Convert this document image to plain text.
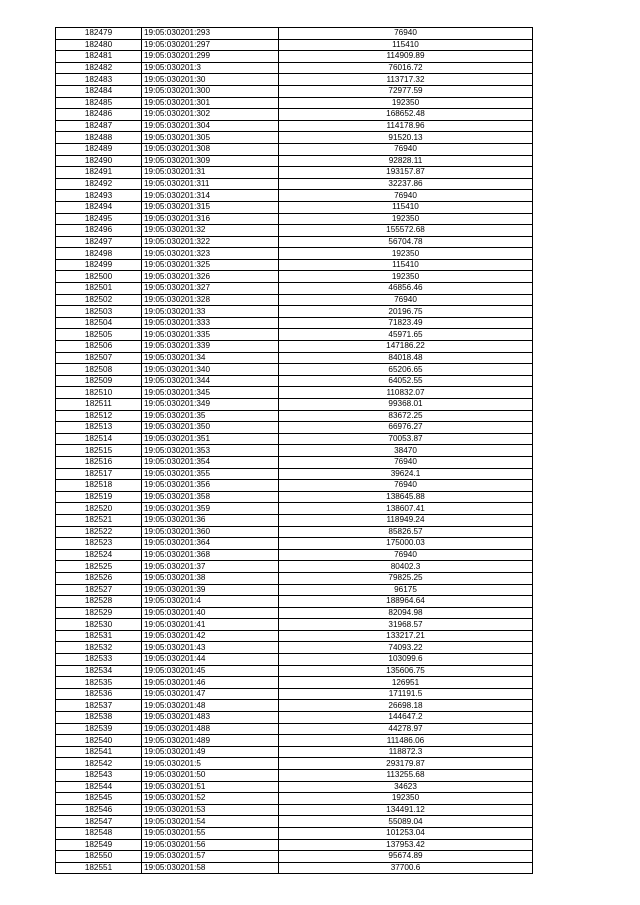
182479	19:05:030201:293	76940
182480	19:05:030201:297	115410
182481	19:05:030201:299	114909.89
182482	19:05:030201:3	76016.72
182483	19:05:030201:30	113717.32
182484	19:05:030201:300	72977.59
182485	19:05:030201:301	192350
182486	19:05:030201:302	168652.48
182487	19:05:030201:304	114178.96
182488	19:05:030201:305	91520.13
182489	19:05:030201:308	76940
182490	19:05:030201:309	92828.11
182491	19:05:030201:31	193157.87
182492	19:05:030201:311	32237.86
182493	19:05:030201:314	76940
182494	19:05:030201:315	115410
182495	19:05:030201:316	192350
182496	19:05:030201:32	155572.68
182497	19:05:030201:322	56704.78
182498	19:05:030201:323	192350
182499	19:05:030201:325	115410
182500	19:05:030201:326	192350
182501	19:05:030201:327	46856.46
182502	19:05:030201:328	76940
182503	19:05:030201:33	20196.75
182504	19:05:030201:333	71823.49
182505	19:05:030201:335	45971.65
182506	19:05:030201:339	147186.22
182507	19:05:030201:34	84018.48
182508	19:05:030201:340	65206.65
182509	19:05:030201:344	64052.55
182510	19:05:030201:345	110832.07
182511	19:05:030201:349	99368.01
182512	19:05:030201:35	83672.25
182513	19:05:030201:350	66976.27
182514	19:05:030201:351	70053.87
182515	19:05:030201:353	38470
182516	19:05:030201:354	76940
182517	19:05:030201:355	39624.1
182518	19:05:030201:356	76940
182519	19:05:030201:358	138645.88
182520	19:05:030201:359	138607.41
182521	19:05:030201:36	118949.24
182522	19:05:030201:360	85826.57
182523	19:05:030201:364	175000.03
182524	19:05:030201:368	76940
182525	19:05:030201:37	80402.3
182526	19:05:030201:38	79825.25
182527	19:05:030201:39	96175
182528	19:05:030201:4	188964.64
182529	19:05:030201:40	82094.98
182530	19:05:030201:41	31968.57
182531	19:05:030201:42	133217.21
182532	19:05:030201:43	74093.22
182533	19:05:030201:44	103099.6
182534	19:05:030201:45	135606.75
182535	19:05:030201:46	126951
182536	19:05:030201:47	171191.5
182537	19:05:030201:48	26698.18
182538	19:05:030201:483	144647.2
182539	19:05:030201:488	44278.97
182540	19:05:030201:489	111486.06
182541	19:05:030201:49	118872.3
182542	19:05:030201:5	293179.87
182543	19:05:030201:50	113255.68
182544	19:05:030201:51	34623
182545	19:05:030201:52	192350
182546	19:05:030201:53	134491.12
182547	19:05:030201:54	55089.04
182548	19:05:030201:55	101253.04
182549	19:05:030201:56	137953.42
182550	19:05:030201:57	95674.89
182551	19:05:030201:58	37700.6
